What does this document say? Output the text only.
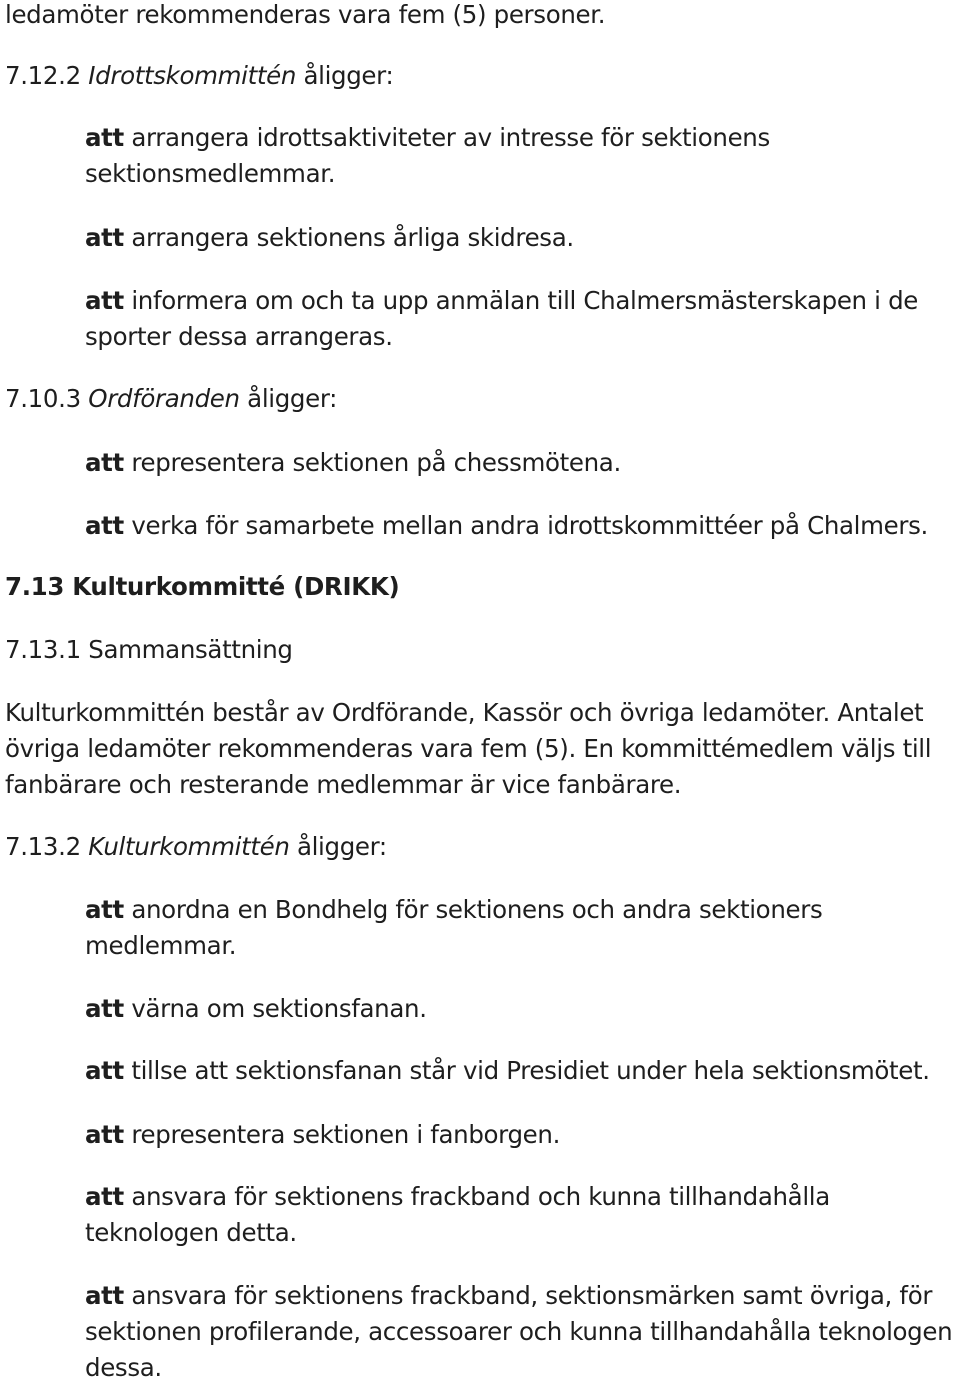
ledamöter rekommenderas vara fem (5) personer.
7.12.2 Idrottskommittén åligger:
att arrangera idrottsaktiviteter av intresse för sektionens sektionsmedlemmar.
att arrangera sektionens årliga skidresa.
att informera om och ta upp anmälan till Chalmersmästerskapen i de sporter dessa arrangeras.
7.10.3 Ordföranden åligger:
att representera sektionen på chessmötena.
att verka för samarbete mellan andra idrottskommittéer på Chalmers.
7.13 Kulturkommitté (DRIKK)
7.13.1 Sammansättning
Kulturkommittén består av Ordförande, Kassör och övriga ledamöter. Antalet övriga ledamöter rekommenderas vara fem (5). En kommittémedlem väljs till fanbärare och resterande medlemmar är vice fanbärare.
7.13.2 Kulturkommittén åligger:
att anordna en Bondhelg för sektionens och andra sektioners medlemmar.
att värna om sektionsfanan.
att tillse att sektionsfanan står vid Presidiet under hela sektionsmötet.
att representera sektionen i fanborgen.
att ansvara för sektionens frackband och kunna tillhandahålla teknologen detta.
att ansvara för sektionens frackband, sektionsmärken samt övriga, för sektionen profilerande, accessoarer och kunna tillhandahålla teknologen dessa.
